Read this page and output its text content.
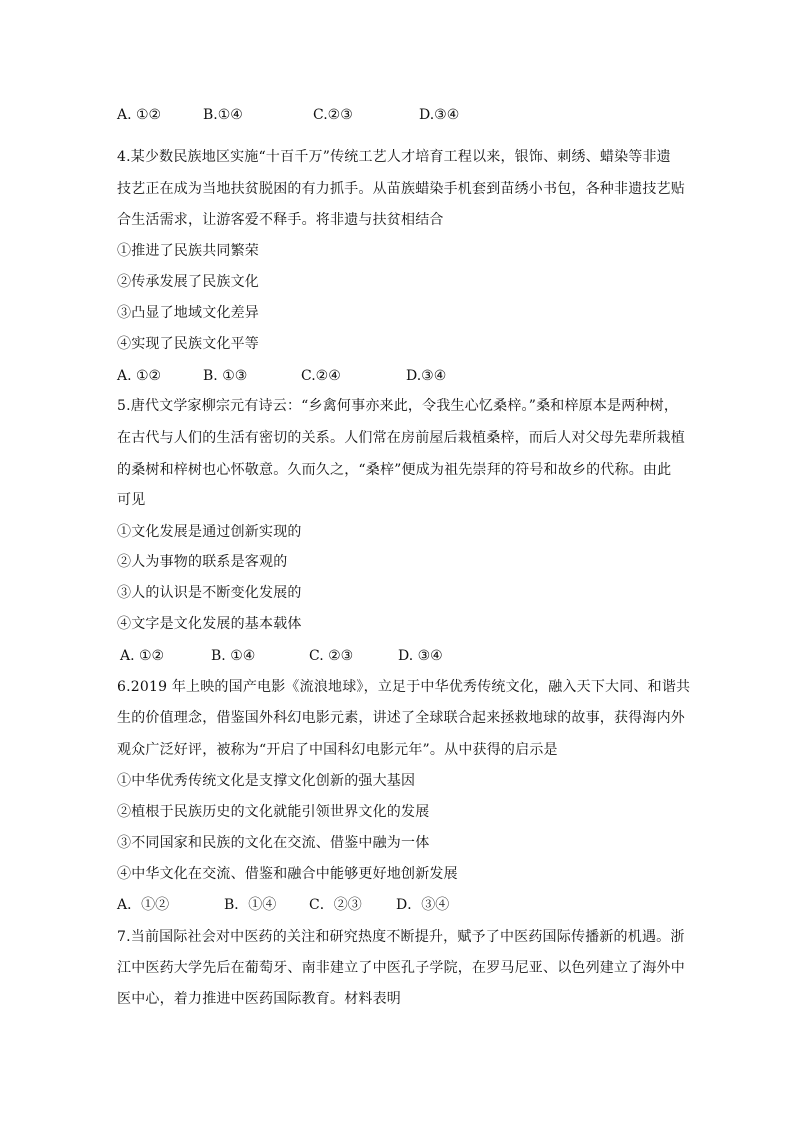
A. ①②	B.①④	C.②③	D.③④
4.某少数民族地区实施“十百千万”传统工艺人才培育工程以来，银饰、刺绣、蜡染等非遗
技艺正在成为当地扶贫脱困的有力抓手。从苗族蜡染手机套到苗绣小书包，各种非遗技艺贴
合生活需求，让游客爱不释手。将非遗与扶贫相结合
①推进了民族共同繁荣
②传承发展了民族文化
③凸显了地域文化差异
④实现了民族文化平等
A. ①②	B. ①③	C.②④	D.③④
5.唐代文学家柳宗元有诗云：“乡禽何事亦来此，令我生心忆桑梓。”桑和梓原本是两种树，
在古代与人们的生活有密切的关系。人们常在房前屋后栽植桑梓，而后人对父母先辈所栽植
的桑树和梓树也心怀敬意。久而久之，“桑梓”便成为祖先崇拜的符号和故乡的代称。由此
可见
①文化发展是通过创新实现的
②人为事物的联系是客观的
③人的认识是不断变化发展的
④文字是文化发展的基本载体
A. ①②	B. ①④	C. ②③	D. ③④
6.2019 年上映的国产电影《流浪地球》，立足于中华优秀传统文化，融入天下大同、和谐共
生的价值理念，借鉴国外科幻电影元素，讲述了全球联合起来拯救地球的故事，获得海内外
观众广泛好评，被称为“开启了中国科幻电影元年”。从中获得的启示是
①中华优秀传统文化是支撑文化创新的强大基因
②植根于民族历史的文化就能引领世界文化的发展
③不同国家和民族的文化在交流、借鉴中融为一体
④中华文化在交流、借鉴和融合中能够更好地创新发展
A．①②	B．①④ C．②③ D．③④
7.当前国际社会对中医药的关注和研究热度不断提升，赋予了中医药国际传播新的机遇。浙
江中医药大学先后在葡萄牙、南非建立了中医孔子学院，在罗马尼亚、以色列建立了海外中
医中心，着力推进中医药国际教育。材料表明
